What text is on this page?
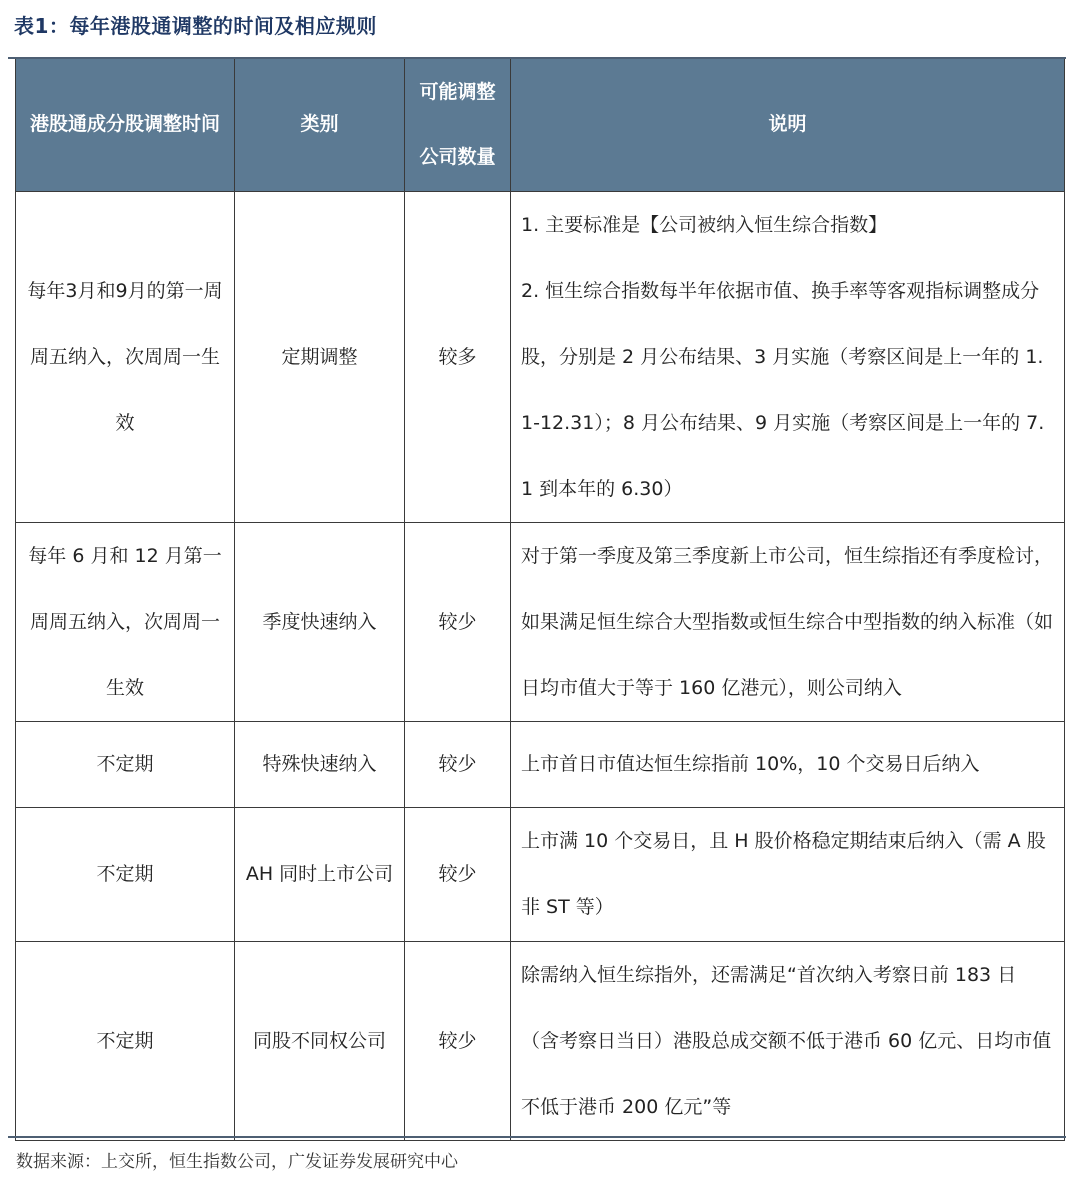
表1：每年港股通调整的时间及相应规则
港股通成分股调整时间	类别	可能调整公司数量	说明
每年3月和9月的第一周周五纳入，次周周一生效	定期调整	较多	1. 主要标准是【公司被纳入恒生综合指数】
2. 恒生综合指数每半年依据市值、换手率等客观指标调整成分股，分别是 2 月公布结果、3 月实施（考察区间是上一年的 1.1-12.31）；8 月公布结果、9 月实施（考察区间是上一年的 7.1 到本年的 6.30）

每年 6 月和 12 月第一周周五纳入，次周周一生效	季度快速纳入	较少	对于第一季度及第三季度新上市公司，恒生综指还有季度检讨，如果满足恒生综合大型指数或恒生综合中型指数的纳入标准（如日均市值大于等于 160 亿港元），则公司纳入

不定期	特殊快速纳入	较少	上市首日市值达恒生综指前 10%，10 个交易日后纳入

不定期	AH 同时上市公司	较少	上市满 10 个交易日，且 H 股价格稳定期结束后纳入（需 A 股非 ST 等）

不定期	同股不同权公司	较少	除需纳入恒生综指外，还需满足“首次纳入考察日前 183 日（含考察日当日）港股总成交额不低于港币 60 亿元、日均市值不低于港币 200 亿元”等
数据来源：上交所，恒生指数公司，广发证券发展研究中心
